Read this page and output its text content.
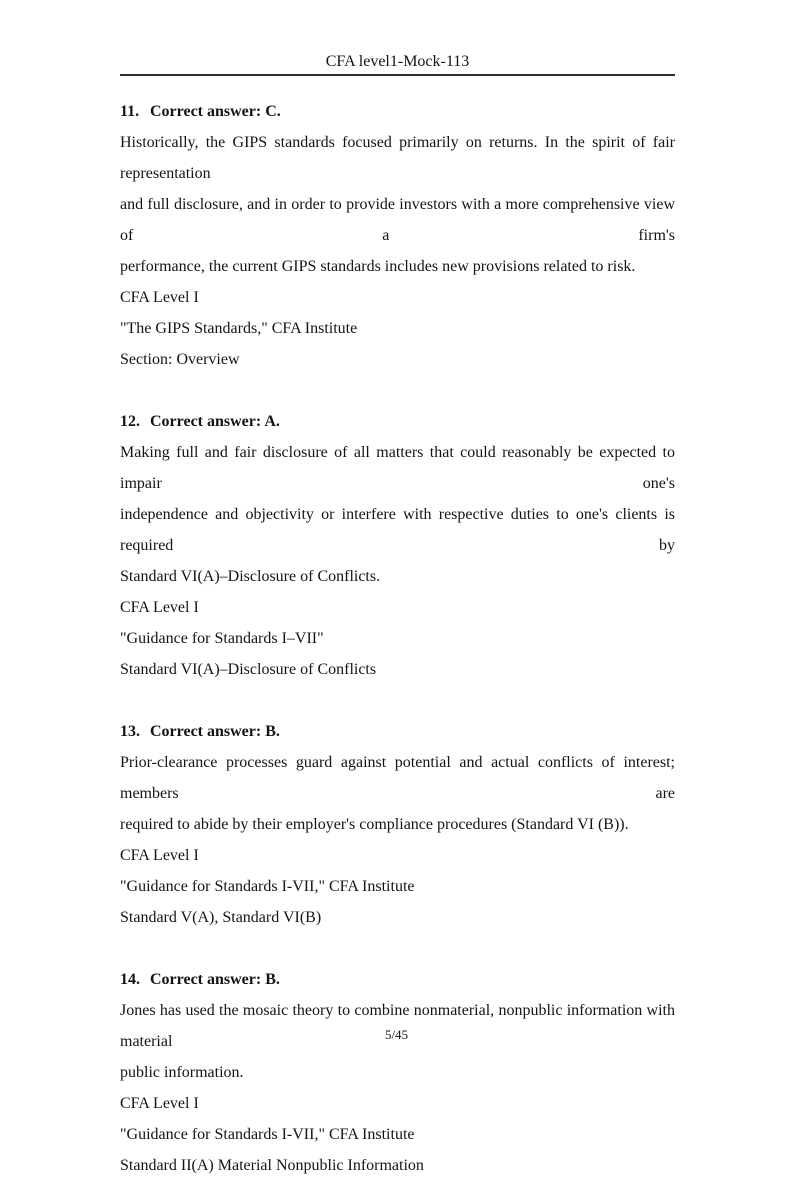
CFA level1-Mock-113
11. Correct answer: C.
Historically, the GIPS standards focused primarily on returns. In the spirit of fair representation
and full disclosure, and in order to provide investors with a more comprehensive view of a firm's
performance, the current GIPS standards includes new provisions related to risk.
CFA Level I
"The GIPS Standards," CFA Institute
Section: Overview
12. Correct answer: A.
Making full and fair disclosure of all matters that could reasonably be expected to impair one's
independence and objectivity or interfere with respective duties to one's clients is required by
Standard VI(A)–Disclosure of Conflicts.
CFA Level I
"Guidance for Standards I–VII"
Standard VI(A)–Disclosure of Conflicts
13. Correct answer: B.
Prior-clearance processes guard against potential and actual conflicts of interest; members are
required to abide by their employer's compliance procedures (Standard VI (B)).
CFA Level I
"Guidance for Standards I-VII," CFA Institute
Standard V(A), Standard VI(B)
14. Correct answer: B.
Jones has used the mosaic theory to combine nonmaterial, nonpublic information with material
public information.
CFA Level I
"Guidance for Standards I-VII," CFA Institute
Standard II(A) Material Nonpublic Information
5/45
